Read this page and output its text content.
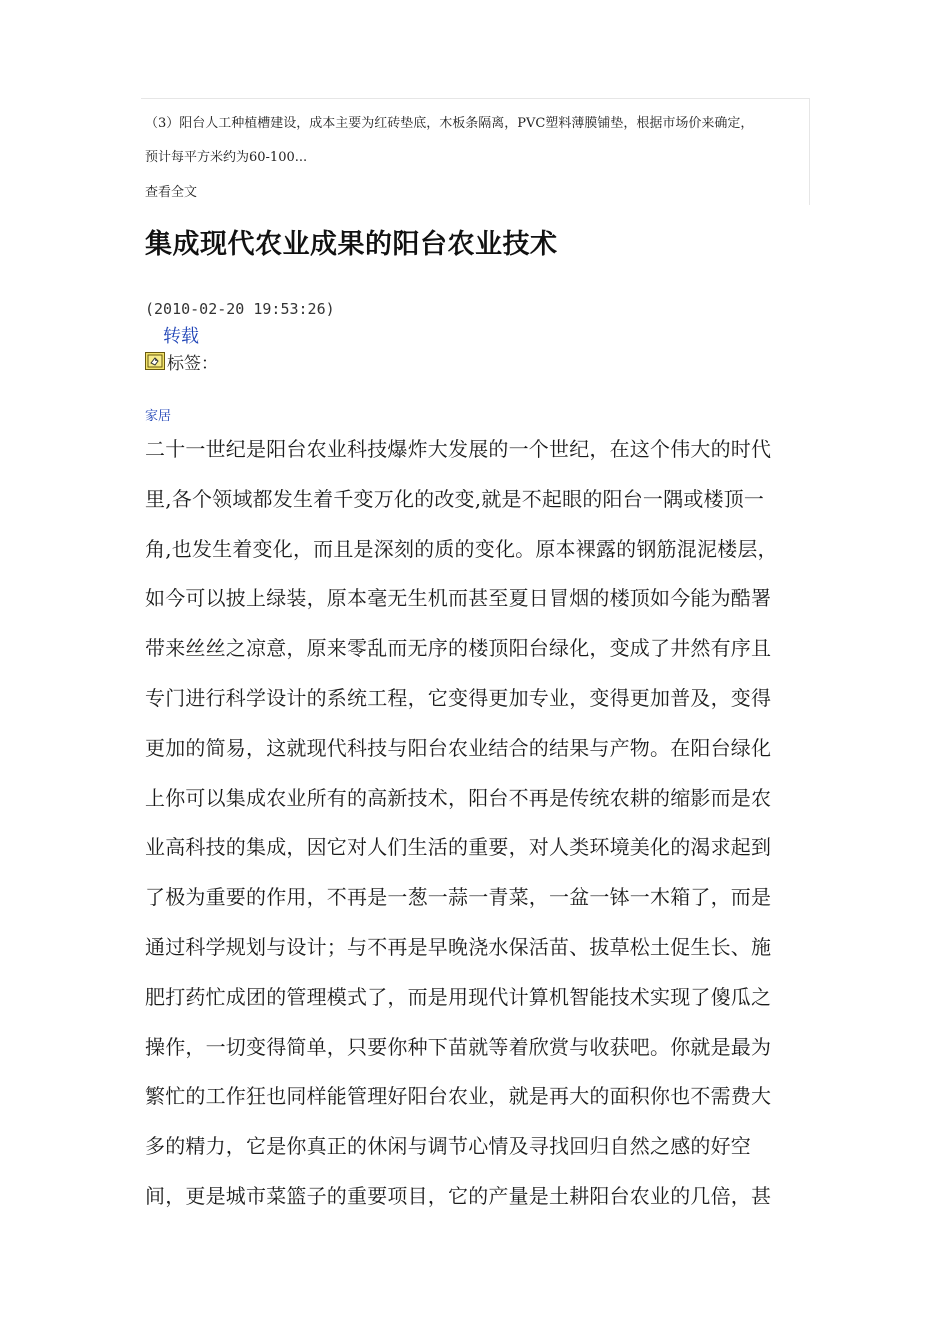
（3）阳台人工种植槽建设，成本主要为红砖垫底，木板条隔离，PVC塑料薄膜铺垫，根据市场价来确定，
预计每平方米约为60-100...
查看全文
集成现代农业成果的阳台农业技术
(2010-02-20 19:53:26)
转载
标签：
家居
二十一世纪是阳台农业科技爆炸大发展的一个世纪，在这个伟大的时代
里,各个领域都发生着千变万化的改变,就是不起眼的阳台一隅或楼顶一
角,也发生着变化，而且是深刻的质的变化。原本裸露的钢筋混泥楼层，
如今可以披上绿装，原本毫无生机而甚至夏日冒烟的楼顶如今能为酷署
带来丝丝之凉意，原来零乱而无序的楼顶阳台绿化，变成了井然有序且
专门进行科学设计的系统工程，它变得更加专业，变得更加普及，变得
更加的简易，这就现代科技与阳台农业结合的结果与产物。在阳台绿化
上你可以集成农业所有的高新技术，阳台不再是传统农耕的缩影而是农
业高科技的集成，因它对人们生活的重要，对人类环境美化的渴求起到
了极为重要的作用，不再是一葱一蒜一青菜，一盆一钵一木箱了，而是
通过科学规划与设计；与不再是早晚浇水保活苗、拔草松土促生长、施
肥打药忙成团的管理模式了，而是用现代计算机智能技术实现了傻瓜之
操作，一切变得简单，只要你种下苗就等着欣赏与收获吧。你就是最为
繁忙的工作狂也同样能管理好阳台农业，就是再大的面积你也不需费大
多的精力，它是你真正的休闲与调节心情及寻找回归自然之感的好空
间，更是城市菜篮子的重要项目，它的产量是土耕阳台农业的几倍，甚
